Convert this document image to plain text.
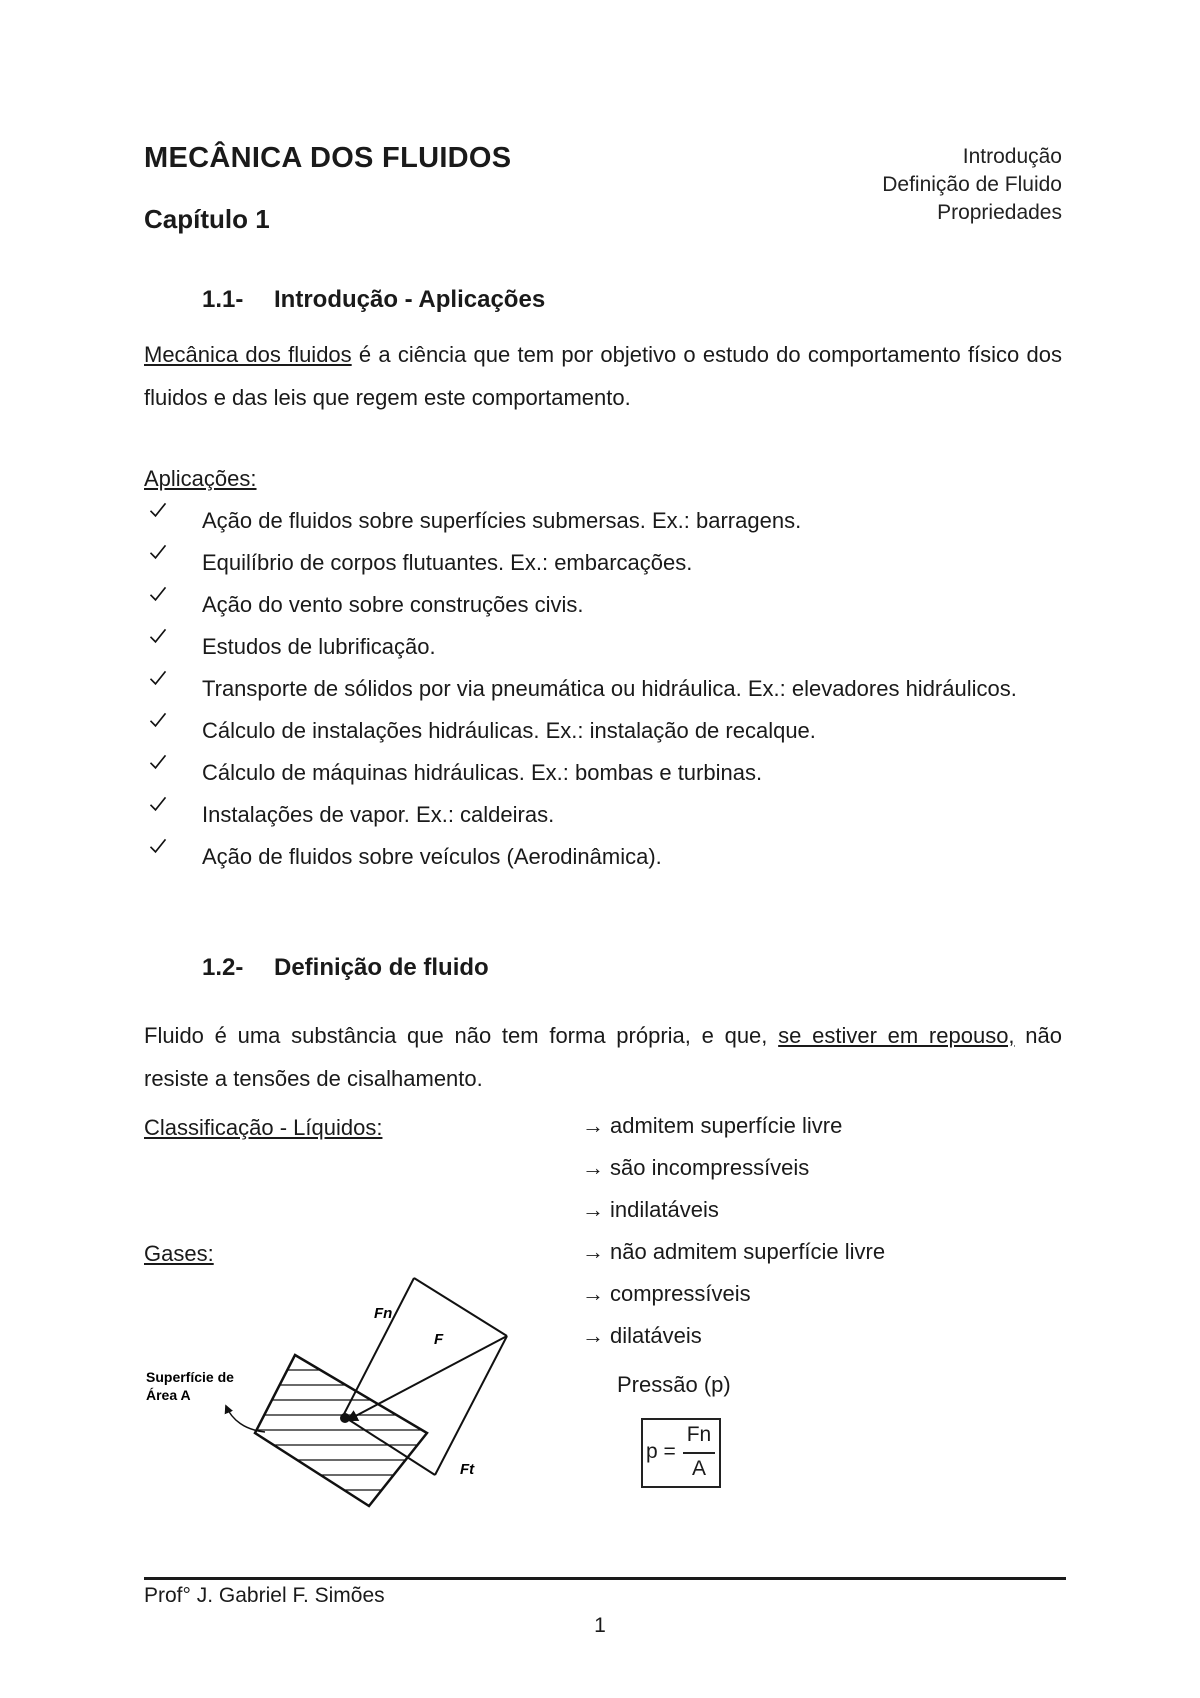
MECÂNICA DOS FLUIDOS
Capítulo 1
Introdução
Definição de Fluido
Propriedades
1.1- Introdução - Aplicações
Mecânica dos fluidos é a ciência que tem por objetivo o estudo do comportamento físico dos fluidos e das leis que regem este comportamento.
Aplicações:
Ação de fluidos sobre superfícies submersas. Ex.: barragens.
Equilíbrio de corpos flutuantes. Ex.: embarcações.
Ação do vento sobre construções civis.
Estudos de lubrificação.
Transporte de sólidos por via pneumática ou hidráulica. Ex.: elevadores hidráulicos.
Cálculo de instalações hidráulicas. Ex.: instalação de recalque.
Cálculo de máquinas hidráulicas. Ex.: bombas e turbinas.
Instalações de vapor. Ex.: caldeiras.
Ação de fluidos sobre veículos (Aerodinâmica).
1.2- Definição de fluido
Fluido é uma substância que não tem forma própria, e que, se estiver em repouso, não resiste a tensões de cisalhamento.
Classificação - Líquidos:
Gases:
→ admitem superfície livre
→ são incompressíveis
→ indilatáveis
→ não admitem superfície livre
→ compressíveis
→ dilatáveis
Fn
F
Ft
Superfície de
Área A	Pressão (p)
p =
Fn
A
Prof° J. Gabriel F. Simões
1
